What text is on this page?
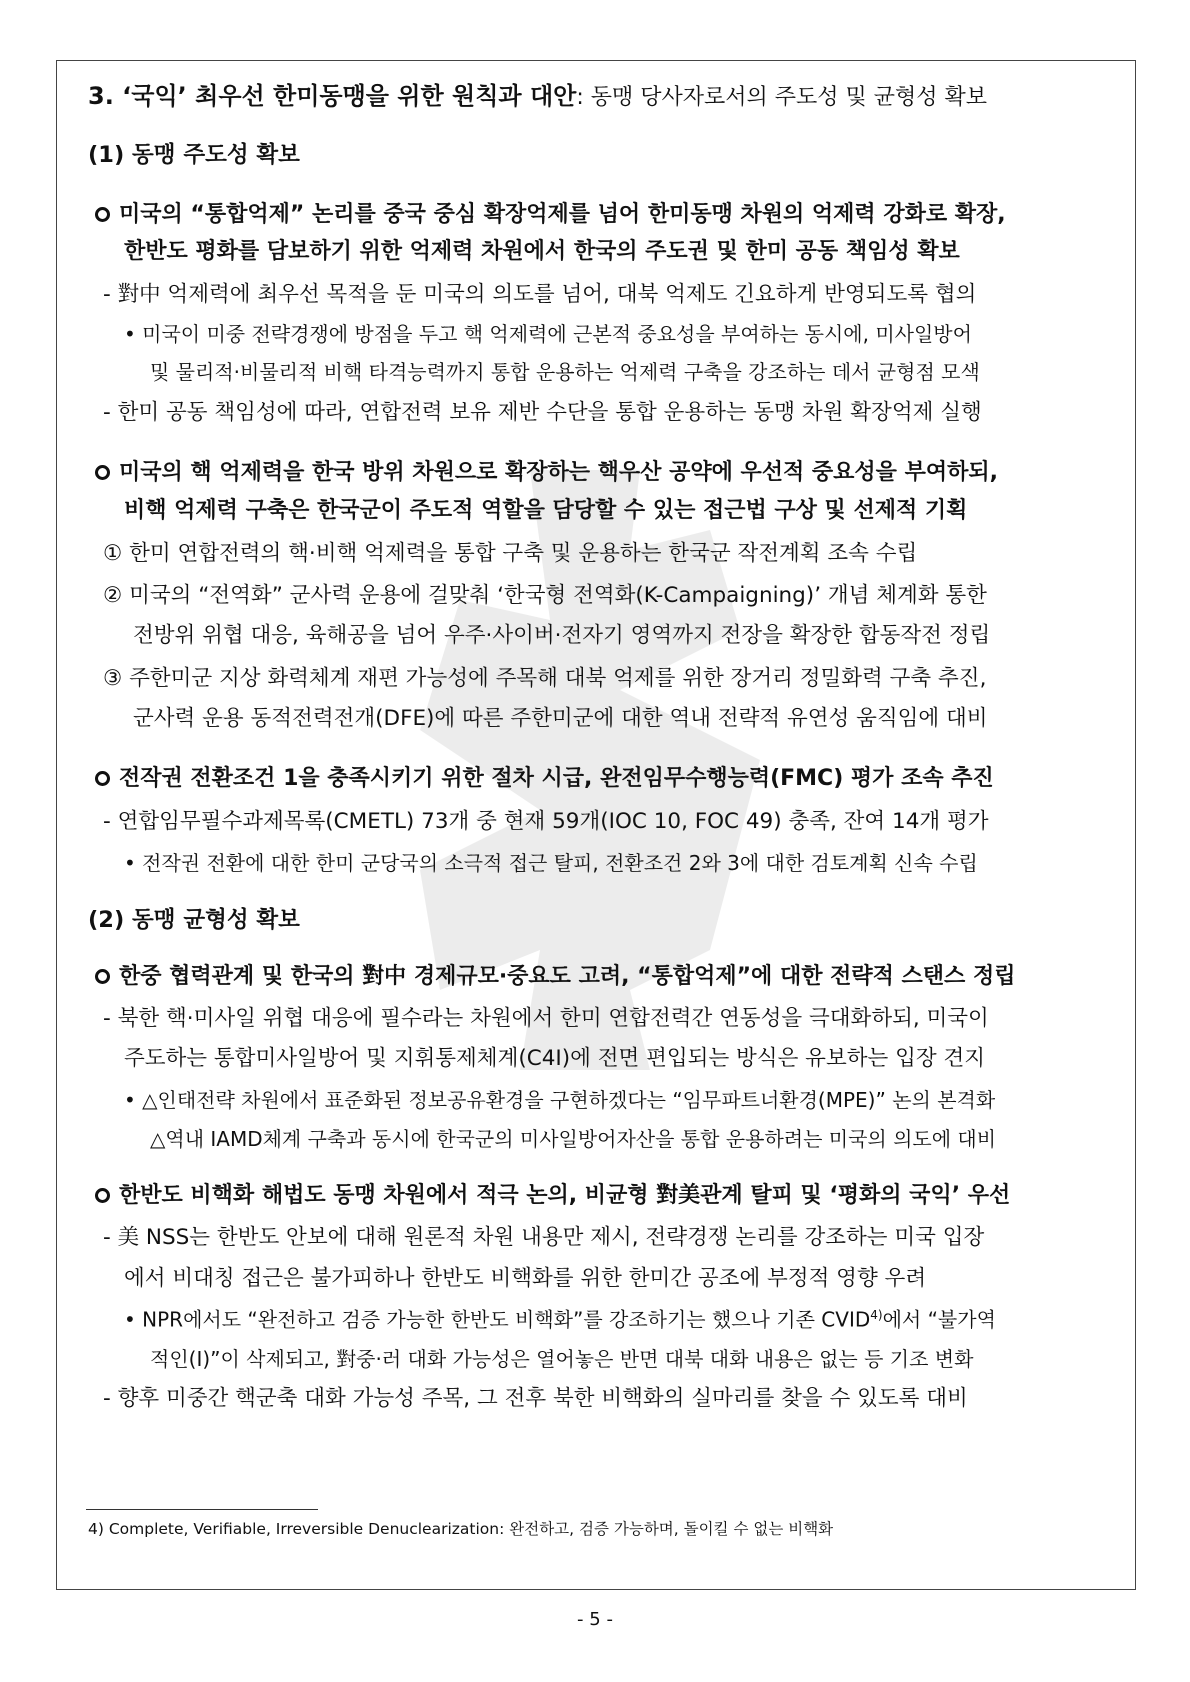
3. ‘국익’ 최우선 한미동맹을 위한 원칙과 대안: 동맹 당사자로서의 주도성 및 균형성 확보
(1) 동맹 주도성 확보
미국의 “통합억제” 논리를 중국 중심 확장억제를 넘어 한미동맹 차원의 억제력 강화로 확장,
한반도 평화를 담보하기 위한 억제력 차원에서 한국의 주도권 및 한미 공동 책임성 확보
- 對中 억제력에 최우선 목적을 둔 미국의 의도를 넘어, 대북 억제도 긴요하게 반영되도록 협의
• 미국이 미중 전략경쟁에 방점을 두고 핵 억제력에 근본적 중요성을 부여하는 동시에, 미사일방어
및 물리적·비물리적 비핵 타격능력까지 통합 운용하는 억제력 구축을 강조하는 데서 균형점 모색
- 한미 공동 책임성에 따라, 연합전력 보유 제반 수단을 통합 운용하는 동맹 차원 확장억제 실행
미국의 핵 억제력을 한국 방위 차원으로 확장하는 핵우산 공약에 우선적 중요성을 부여하되,
비핵 억제력 구축은 한국군이 주도적 역할을 담당할 수 있는 접근법 구상 및 선제적 기획
① 한미 연합전력의 핵·비핵 억제력을 통합 구축 및 운용하는 한국군 작전계획 조속 수립
② 미국의 “전역화” 군사력 운용에 걸맞춰 ‘한국형 전역화(K-Campaigning)’ 개념 체계화 통한
전방위 위협 대응, 육해공을 넘어 우주·사이버·전자기 영역까지 전장을 확장한 합동작전 정립
③ 주한미군 지상 화력체계 재편 가능성에 주목해 대북 억제를 위한 장거리 정밀화력 구축 추진,
군사력 운용 동적전력전개(DFE)에 따른 주한미군에 대한 역내 전략적 유연성 움직임에 대비
전작권 전환조건 1을 충족시키기 위한 절차 시급, 완전임무수행능력(FMC) 평가 조속 추진
- 연합임무필수과제목록(CMETL) 73개 중 현재 59개(IOC 10, FOC 49) 충족, 잔여 14개 평가
• 전작권 전환에 대한 한미 군당국의 소극적 접근 탈피, 전환조건 2와 3에 대한 검토계획 신속 수립
(2) 동맹 균형성 확보
한중 협력관계 및 한국의 對中 경제규모·중요도 고려, “통합억제”에 대한 전략적 스탠스 정립
- 북한 핵·미사일 위협 대응에 필수라는 차원에서 한미 연합전력간 연동성을 극대화하되, 미국이
주도하는 통합미사일방어 및 지휘통제체계(C4I)에 전면 편입되는 방식은 유보하는 입장 견지
• △인태전략 차원에서 표준화된 정보공유환경을 구현하겠다는 “임무파트너환경(MPE)” 논의 본격화
△역내 IAMD체계 구축과 동시에 한국군의 미사일방어자산을 통합 운용하려는 미국의 의도에 대비
한반도 비핵화 해법도 동맹 차원에서 적극 논의, 비균형 對美관계 탈피 및 ‘평화의 국익’ 우선
- 美 NSS는 한반도 안보에 대해 원론적 차원 내용만 제시, 전략경쟁 논리를 강조하는 미국 입장
에서 비대칭 접근은 불가피하나 한반도 비핵화를 위한 한미간 공조에 부정적 영향 우려
• NPR에서도 “완전하고 검증 가능한 한반도 비핵화”를 강조하기는 했으나 기존 CVID$^{4)}$에서 “불가역
적인(I)”이 삭제되고, 對중·러 대화 가능성은 열어놓은 반면 대북 대화 내용은 없는 등 기조 변화
- 향후 미중간 핵군축 대화 가능성 주목, 그 전후 북한 비핵화의 실마리를 찾을 수 있도록 대비
4) Complete, Verifiable, Irreversible Denuclearization: 완전하고, 검증 가능하며, 돌이킬 수 없는 비핵화
- 5 -
